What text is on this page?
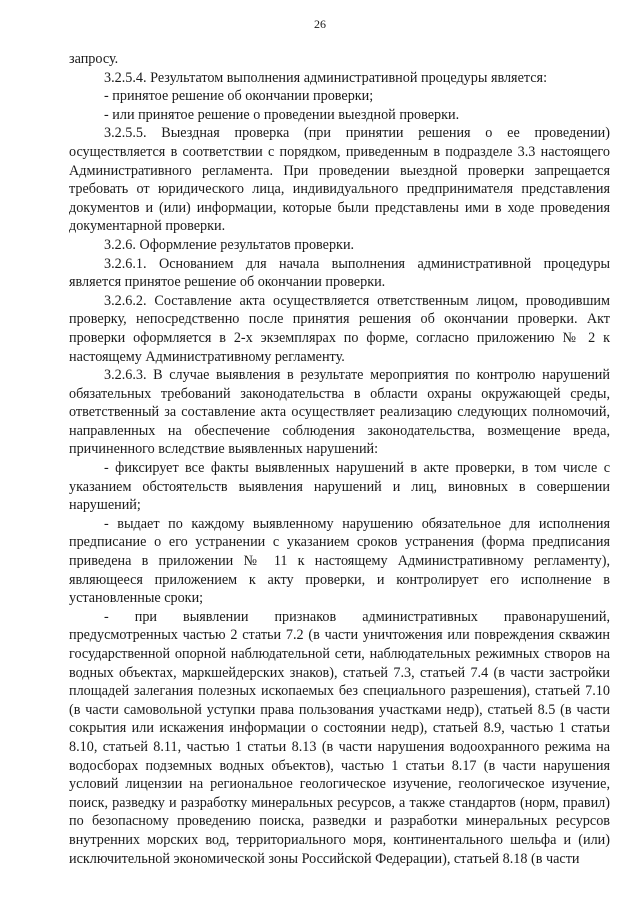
26

запросу.

3.2.5.4. Результатом выполнения административной процедуры является:

- принятое решение об окончании проверки;

- или принятое решение о проведении выездной проверки.

3.2.5.5. Выездная проверка (при принятии решения о ее проведении) осуществляется в соответствии с порядком, приведенным в подразделе 3.3 настоящего Административного регламента. При проведении выездной проверки запрещается требовать от юридического лица, индивидуального предпринимателя представления документов и (или) информации, которые были представлены ими в ходе проведения документарной проверки.

3.2.6. Оформление результатов проверки.

3.2.6.1. Основанием для начала выполнения административной процедуры является принятое решение об окончании проверки.

3.2.6.2. Составление акта осуществляется ответственным лицом, проводившим проверку, непосредственно после принятия решения об окончании проверки. Акт проверки оформляется в 2-х экземплярах по форме, согласно приложению № 2 к настоящему Административному регламенту.

3.2.6.3. В случае выявления в результате мероприятия по контролю нарушений обязательных требований законодательства в области охраны окружающей среды, ответственный за составление акта осуществляет реализацию следующих полномочий, направленных на обеспечение соблюдения законодательства, возмещение вреда, причиненного вследствие выявленных нарушений:

- фиксирует все факты выявленных нарушений в акте проверки, в том числе с указанием обстоятельств выявления нарушений и лиц, виновных в совершении нарушений;

- выдает по каждому выявленному нарушению обязательное для исполнения предписание о его устранении с указанием сроков устранения (форма предписания приведена в приложении № 11 к настоящему Административному регламенту), являющееся приложением к акту проверки, и контролирует его исполнение в установленные сроки;

- при выявлении признаков административных правонарушений, предусмотренных частью 2 статьи 7.2 (в части уничтожения или повреждения скважин государственной опорной наблюдательной сети, наблюдательных режимных створов на водных объектах, маркшейдерских знаков), статьей 7.3, статьей 7.4 (в части застройки площадей залегания полезных ископаемых без специального разрешения), статьей 7.10 (в части самовольной уступки права пользования участками недр), статьей 8.5 (в части сокрытия или искажения информации о состоянии недр), статьей 8.9, частью 1 статьи 8.10, статьей 8.11, частью 1 статьи 8.13 (в части нарушения водоохранного режима на водосборах подземных водных объектов), частью 1 статьи 8.17 (в части нарушения условий лицензии на региональное геологическое изучение, геологическое изучение, поиск, разведку и разработку минеральных ресурсов, а также стандартов (норм, правил) по безопасному проведению поиска, разведки и разработки минеральных ресурсов внутренних морских вод, территориального моря, континентального шельфа и (или) исключительной экономической зоны Российской Федерации), статьей 8.18 (в части
